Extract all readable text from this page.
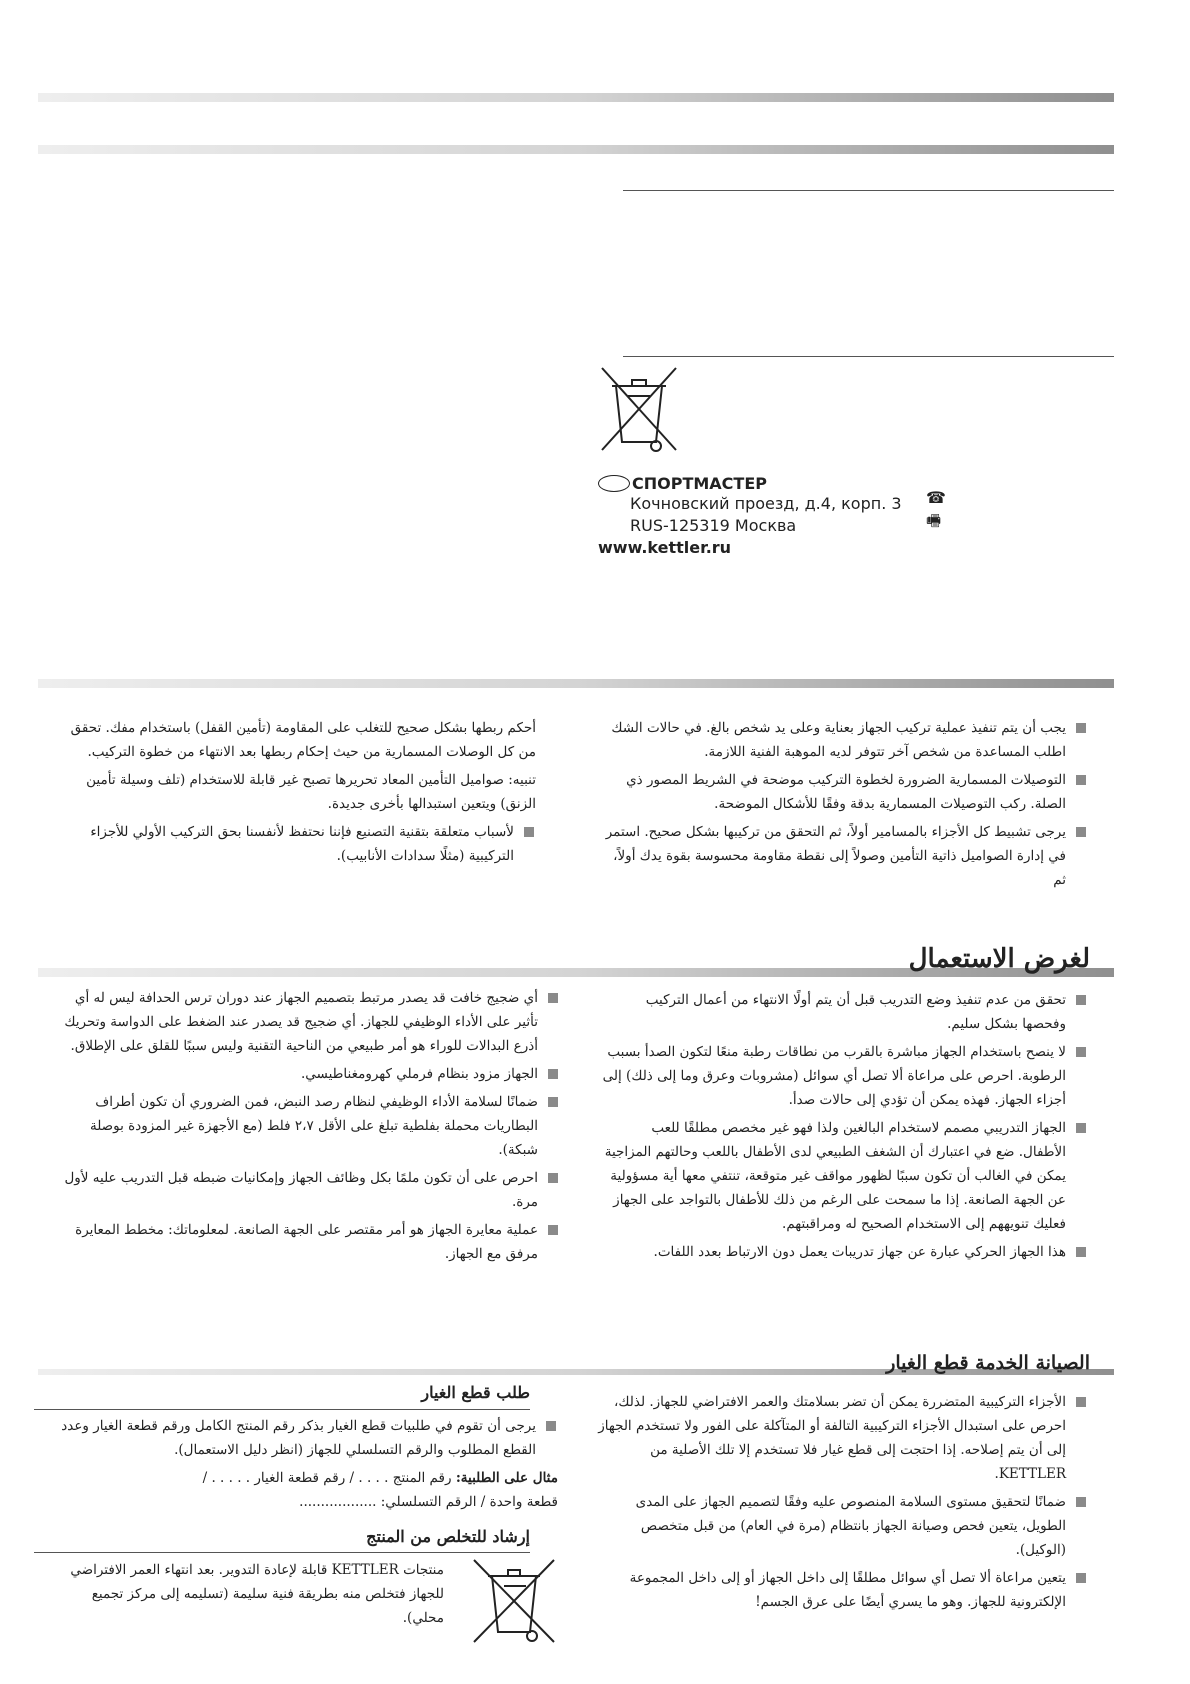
СПОРТМАСТЕР
Кочновский проезд, д.4, корп. 3
RUS-125319 Москва
www.kettler.ru
☎
🖷

يجب أن يتم تنفيذ عملية تركيب الجهاز بعناية وعلى يد شخص بالغ. في حالات الشك اطلب المساعدة من شخص آخر تتوفر لديه الموهبة الفنية اللازمة.

التوصيلات المسمارية الضرورة لخطوة التركيب موضحة في الشريط المصور ذي الصلة. ركب التوصيلات المسمارية بدقة وفقًا للأشكال الموضحة.

يرجى تشبيط كل الأجزاء بالمسامير أولاً، ثم التحقق من تركيبها بشكل صحيح. استمر في إدارة الصواميل ذاتية التأمين وصولاً إلى نقطة مقاومة محسوسة بقوة يدك أولاً، ثم

أحكم ربطها بشكل صحيح للتغلب على المقاومة (تأمين القفل) باستخدام مفك. تحقق من كل الوصلات المسمارية من حيث إحكام ربطها بعد الانتهاء من خطوة التركيب.

تنبيه: صواميل التأمين المعاد تحريرها تصبح غير قابلة للاستخدام (تلف وسيلة تأمين الزنق) ويتعين استبدالها بأخرى جديدة.

لأسباب متعلقة بتقنية التصنيع فإننا نحتفظ لأنفسنا بحق التركيب الأولي للأجزاء التركيبية (مثلًا سدادات الأنابيب).

لغرض الاستعمال

تحقق من عدم تنفيذ وضع التدريب قبل أن يتم أولًا الانتهاء من أعمال التركيب وفحصها بشكل سليم.

لا ينصح باستخدام الجهاز مباشرة بالقرب من نطاقات رطبة منعًا لتكون الصدأ بسبب الرطوبة. احرص على مراعاة ألا تصل أي سوائل (مشروبات وعرق وما إلى ذلك) إلى أجزاء الجهاز. فهذه يمكن أن تؤدي إلى حالات صدأ.

الجهاز التدريبي مصمم لاستخدام البالغين ولذا فهو غير مخصص مطلقًا للعب الأطفال. ضع في اعتبارك أن الشغف الطبيعي لدى الأطفال باللعب وحالتهم المزاجية يمكن في الغالب أن تكون سببًا لظهور مواقف غير متوقعة، تنتفي معها أية مسؤولية عن الجهة الصانعة. إذا ما سمحت على الرغم من ذلك للأطفال بالتواجد على الجهاز فعليك تنويههم إلى الاستخدام الصحيح له ومراقبتهم.

هذا الجهاز الحركي عبارة عن جهاز تدريبات يعمل دون الارتباط بعدد اللفات.

أي ضجيج خافت قد يصدر مرتبط بتصميم الجهاز عند دوران ترس الحدافة ليس له أي تأثير على الأداء الوظيفي للجهاز. أي ضجيج قد يصدر عند الضغط على الدواسة وتحريك أذرع البدالات للوراء هو أمر طبيعي من الناحية التقنية وليس سببًا للقلق على الإطلاق.

الجهاز مزود بنظام فرملي كهرومغناطيسي.

ضمانًا لسلامة الأداء الوظيفي لنظام رصد النبض، فمن الضروري أن تكون أطراف البطاريات محملة بفلطية تبلغ على الأقل ٢،٧ فلط (مع الأجهزة غير المزودة بوصلة شبكة).

احرص على أن تكون ملمًا بكل وظائف الجهاز وإمكانيات ضبطه قبل التدريب عليه لأول مرة.

عملية معايرة الجهاز هو أمر مقتصر على الجهة الصانعة. لمعلوماتك: مخطط المعايرة مرفق مع الجهاز.

الصيانة الخدمة قطع الغيار

الأجزاء التركيبية المتضررة يمكن أن تضر بسلامتك والعمر الافتراضي للجهاز. لذلك، احرص على استبدال الأجزاء التركيبية التالفة أو المتآكلة على الفور ولا تستخدم الجهاز إلى أن يتم إصلاحه. إذا احتجت إلى قطع غيار فلا تستخدم إلا تلك الأصلية من KETTLER.

ضمانًا لتحقيق مستوى السلامة المنصوص عليه وفقًا لتصميم الجهاز على المدى الطويل، يتعين فحص وصيانة الجهاز بانتظام (مرة في العام) من قبل متخصص (الوكيل).

يتعين مراعاة ألا تصل أي سوائل مطلقًا إلى داخل الجهاز أو إلى داخل المجموعة الإلكترونية للجهاز. وهو ما يسري أيضًا على عرق الجسم!

طلب قطع الغيار

يرجى أن تقوم في طلبيات قطع الغيار بذكر رقم المنتج الكامل ورقم قطعة الغيار وعدد القطع المطلوب والرقم التسلسلي للجهاز (انظر دليل الاستعمال).

مثال على الطلبية: رقم المنتج . . . . / رقم قطعة الغيار . . . . . /

قطعة واحدة / الرقم التسلسلي: ..................

إرشاد للتخلص من المنتج

منتجات KETTLER قابلة لإعادة التدوير. بعد انتهاء العمر الافتراضي للجهاز فتخلص منه بطريقة فنية سليمة (تسليمه إلى مركز تجميع محلي).
